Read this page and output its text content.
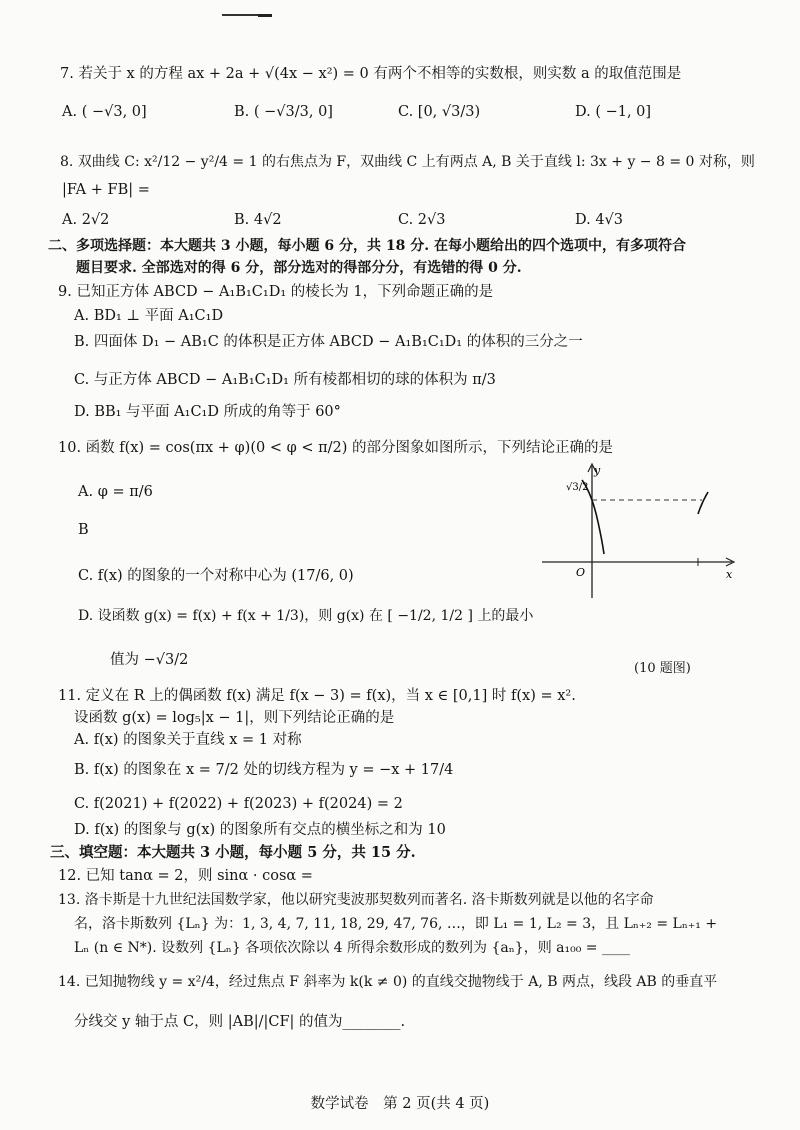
7. 若关于 x 的方程 ax + 2a + √(4x − x²) = 0 有两个不相等的实数根，则实数 a 的取值范围是
A. ( −√3, 0]	B. ( −√3/3, 0]	C. [0, √3/3)	D. ( −1, 0]
8. 双曲线 C: x²/12 − y²/4 = 1 的右焦点为 F，双曲线 C 上有两点 A, B 关于直线 l: 3x + y − 8 = 0 对称，则
|FA + FB| =
A. 2√2	B. 4√2	C. 2√3	D. 4√3
二、多项选择题：本大题共 3 小题，每小题 6 分，共 18 分. 在每小题给出的四个选项中，有多项符合
题目要求. 全部选对的得 6 分，部分选对的得部分分，有选错的得 0 分.
9. 已知正方体 ABCD − A₁B₁C₁D₁ 的棱长为 1，下列命题正确的是
A. BD₁ ⊥ 平面 A₁C₁D
B. 四面体 D₁ − AB₁C 的体积是正方体 ABCD − A₁B₁C₁D₁ 的体积的三分之一
C. 与正方体 ABCD − A₁B₁C₁D₁ 所有棱都相切的球的体积为 π/3
D. BB₁ 与平面 A₁C₁D 所成的角等于 60°
10. 函数 f(x) = cos(πx + φ)(0 < φ < π/2) 的部分图象如图所示，下列结论正确的是
A. φ = π/6
B
C. f(x) 的图象的一个对称中心为 (17/6, 0)
D. 设函数 g(x) = f(x) + f(x + 1/3)，则 g(x) 在 [ −1/2, 1/2 ] 上的最小
值为 −√3/2
(10 题图)
√3/2
y
x
O
11. 定义在 R 上的偶函数 f(x) 满足 f(x − 3) = f(x)，当 x ∈ [0,1] 时 f(x) = x².
设函数 g(x) = log₅|x − 1|，则下列结论正确的是
A. f(x) 的图象关于直线 x = 1 对称
B. f(x) 的图象在 x = 7/2 处的切线方程为 y = −x + 17/4
C. f(2021) + f(2022) + f(2023) + f(2024) = 2
D. f(x) 的图象与 g(x) 的图象所有交点的横坐标之和为 10
三、填空题：本大题共 3 小题，每小题 5 分，共 15 分.
12. 已知 tanα = 2，则 sinα · cosα =
13. 洛卡斯是十九世纪法国数学家，他以研究斐波那契数列而著名. 洛卡斯数列就是以他的名字命
名，洛卡斯数列 {Lₙ} 为：1, 3, 4, 7, 11, 18, 29, 47, 76, …，即 L₁ = 1, L₂ = 3，且 Lₙ₊₂ = Lₙ₊₁ +
Lₙ (n ∈ N*). 设数列 {Lₙ} 各项依次除以 4 所得余数形成的数列为 {aₙ}，则 a₁₀₀ = ____
14. 已知抛物线 y = x²/4，经过焦点 F 斜率为 k(k ≠ 0) 的直线交抛物线于 A, B 两点，线段 AB 的垂直平
分线交 y 轴于点 C，则 |AB|/|CF| 的值为________.
数学试卷　第 2 页(共 4 页)
